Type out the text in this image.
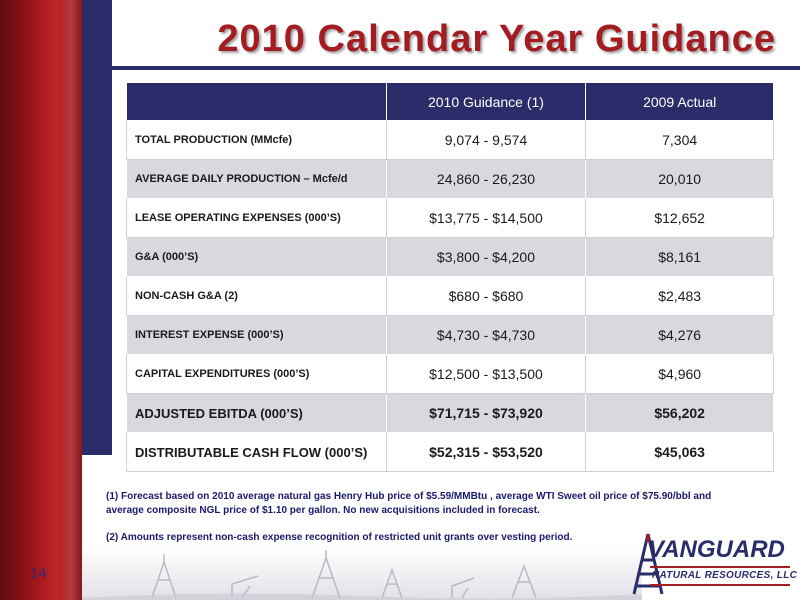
2010 Calendar Year Guidance
	2010 Guidance (1)	2009 Actual
TOTAL PRODUCTION (MMcfe)	9,074 - 9,574	7,304
AVERAGE DAILY PRODUCTION – Mcfe/d	24,860 - 26,230	20,010
LEASE OPERATING EXPENSES (000’S)	$13,775 - $14,500	$12,652
G&A (000’S)	$3,800 - $4,200	$8,161
NON-CASH G&A (2)	$680 - $680	$2,483
INTEREST EXPENSE (000’S)	$4,730 - $4,730	$4,276
CAPITAL EXPENDITURES (000’S)	$12,500 - $13,500	$4,960
ADJUSTED EBITDA (000’S)	$71,715 - $73,920	$56,202
DISTRIBUTABLE CASH FLOW (000’S)	$52,315 - $53,520	$45,063
(1) Forecast based on 2010 average natural gas Henry Hub price of $5.59/MMBtu , average WTI Sweet oil price of $75.90/bbl and average composite NGL price of $1.10 per gallon. No new acquisitions included in forecast.
(2) Amounts represent non-cash expense recognition of restricted unit grants over vesting period.
14
VANGUARD
NATURAL RESOURCES, LLC
